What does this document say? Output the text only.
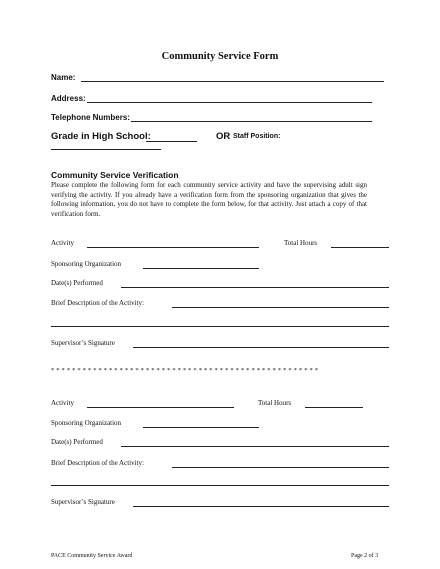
Community Service Form
Name:
Address:
Telephone Numbers:
Grade in High School:	OR Staff Position:
Community Service Verification
Please complete the following form for each community service activity and have the supervising adult sign verifying the activity. If you already have a verification form from the sponsoring organization that gives the following information, you do not have to complete the form below, for that activity. Just attach a copy of that verification form.
Activity	Total Hours
Sponsoring Organization
Date(s) Performed
Brief Description of the Activity:
Supervisor’s Signature
* * * * * * * * * * * * * * * * * * * * * * * * * * * * * * * * * * * * * * * * * * * * * * * * * * *
Activity	Total Hours
Sponsoring Organization
Date(s) Performed
Brief Description of the Activity:
Supervisor’s Signature
PACE Community Service Award	Page 2 of 3
